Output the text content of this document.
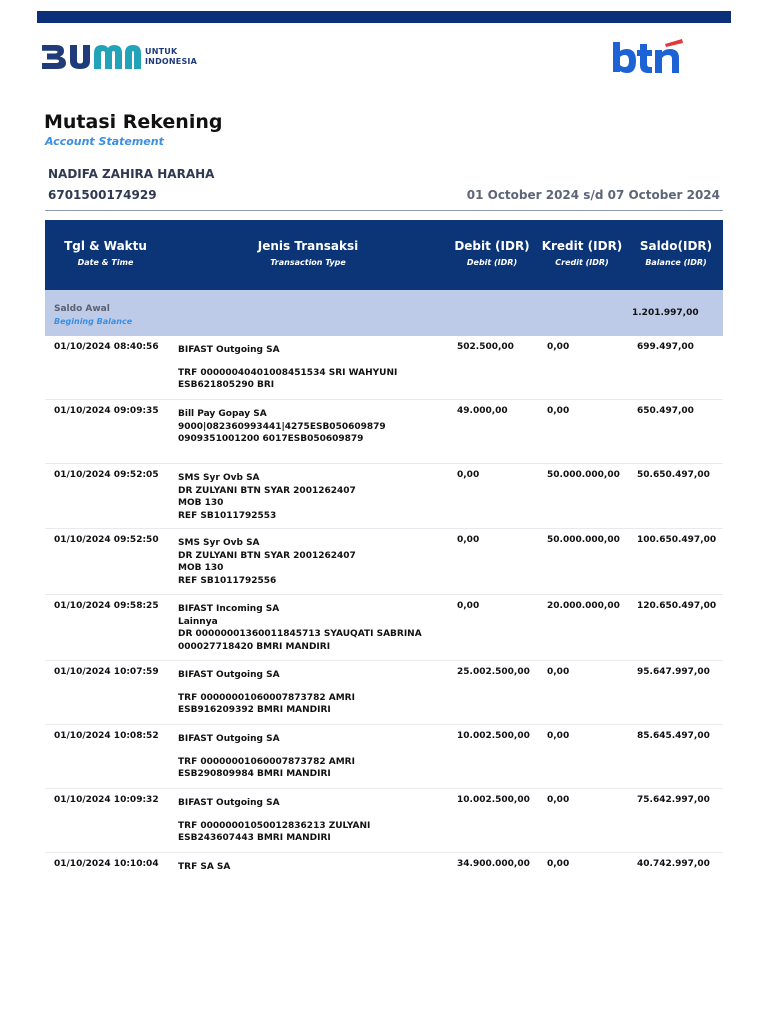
UNTUK
INDONESIA
Mutasi Rekening
Account Statement
NADIFA ZAHIRA HARAHA
6701500174929	01 October 2024 s/d 07 October 2024
Tgl & Waktu
Date & Time
Jenis Transaksi
Transaction Type
Debit (IDR)
Debit (IDR)
Kredit (IDR)
Credit (IDR)
Saldo(IDR)
Balance (IDR)
Saldo Awal
Begining Balance
1.201.997,00
01/10/2024 08:40:56 BIFAST Outgoing SA
TRF 0000004040100845153​4 SRI WAHYUNI
ESB621805290 BRI
502.500,00	0,00	699.497,00
01/10/2024 09:09:35 Bill Pay Gopay SA
9000|082360993441|4275ESB050609879
0909351001200 6017ESB050609879
49.000,00	0,00	650.497,00
01/10/2024 09:52:05 SMS Syr Ovb SA
DR ZULYANI BTN SYAR 2001262407
MOB 130
REF SB1011792553
0,00	50.000.000,00 50.650.497,00
01/10/2024 09:52:50 SMS Syr Ovb SA
DR ZULYANI BTN SYAR 2001262407
MOB 130
REF SB1011792556
0,00	50.000.000,00 100.650.497,00
01/10/2024 09:58:25 BIFAST Incoming SA
Lainnya
DR 00000001360011845713 SYAUQATI SABRINA
000027718420 BMRI MANDIRI
0,00	20.000.000,00 120.650.497,00
01/10/2024 10:07:59 BIFAST Outgoing SA
TRF 00000001060007873782 AMRI
ESB916209392 BMRI MANDIRI
25.002.500,00 0,00	95.647.997,00
01/10/2024 10:08:52 BIFAST Outgoing SA
TRF 00000001060007873782 AMRI
ESB290809984 BMRI MANDIRI
10.002.500,00 0,00	85.645.497,00
01/10/2024 10:09:32 BIFAST Outgoing SA
TRF 00000001050012836213 ZULYANI
ESB243607443 BMRI MANDIRI
10.002.500,00 0,00	75.642.997,00
01/10/2024 10:10:04 TRF SA SA	34.900.000,00 0,00	40.742.997,00
